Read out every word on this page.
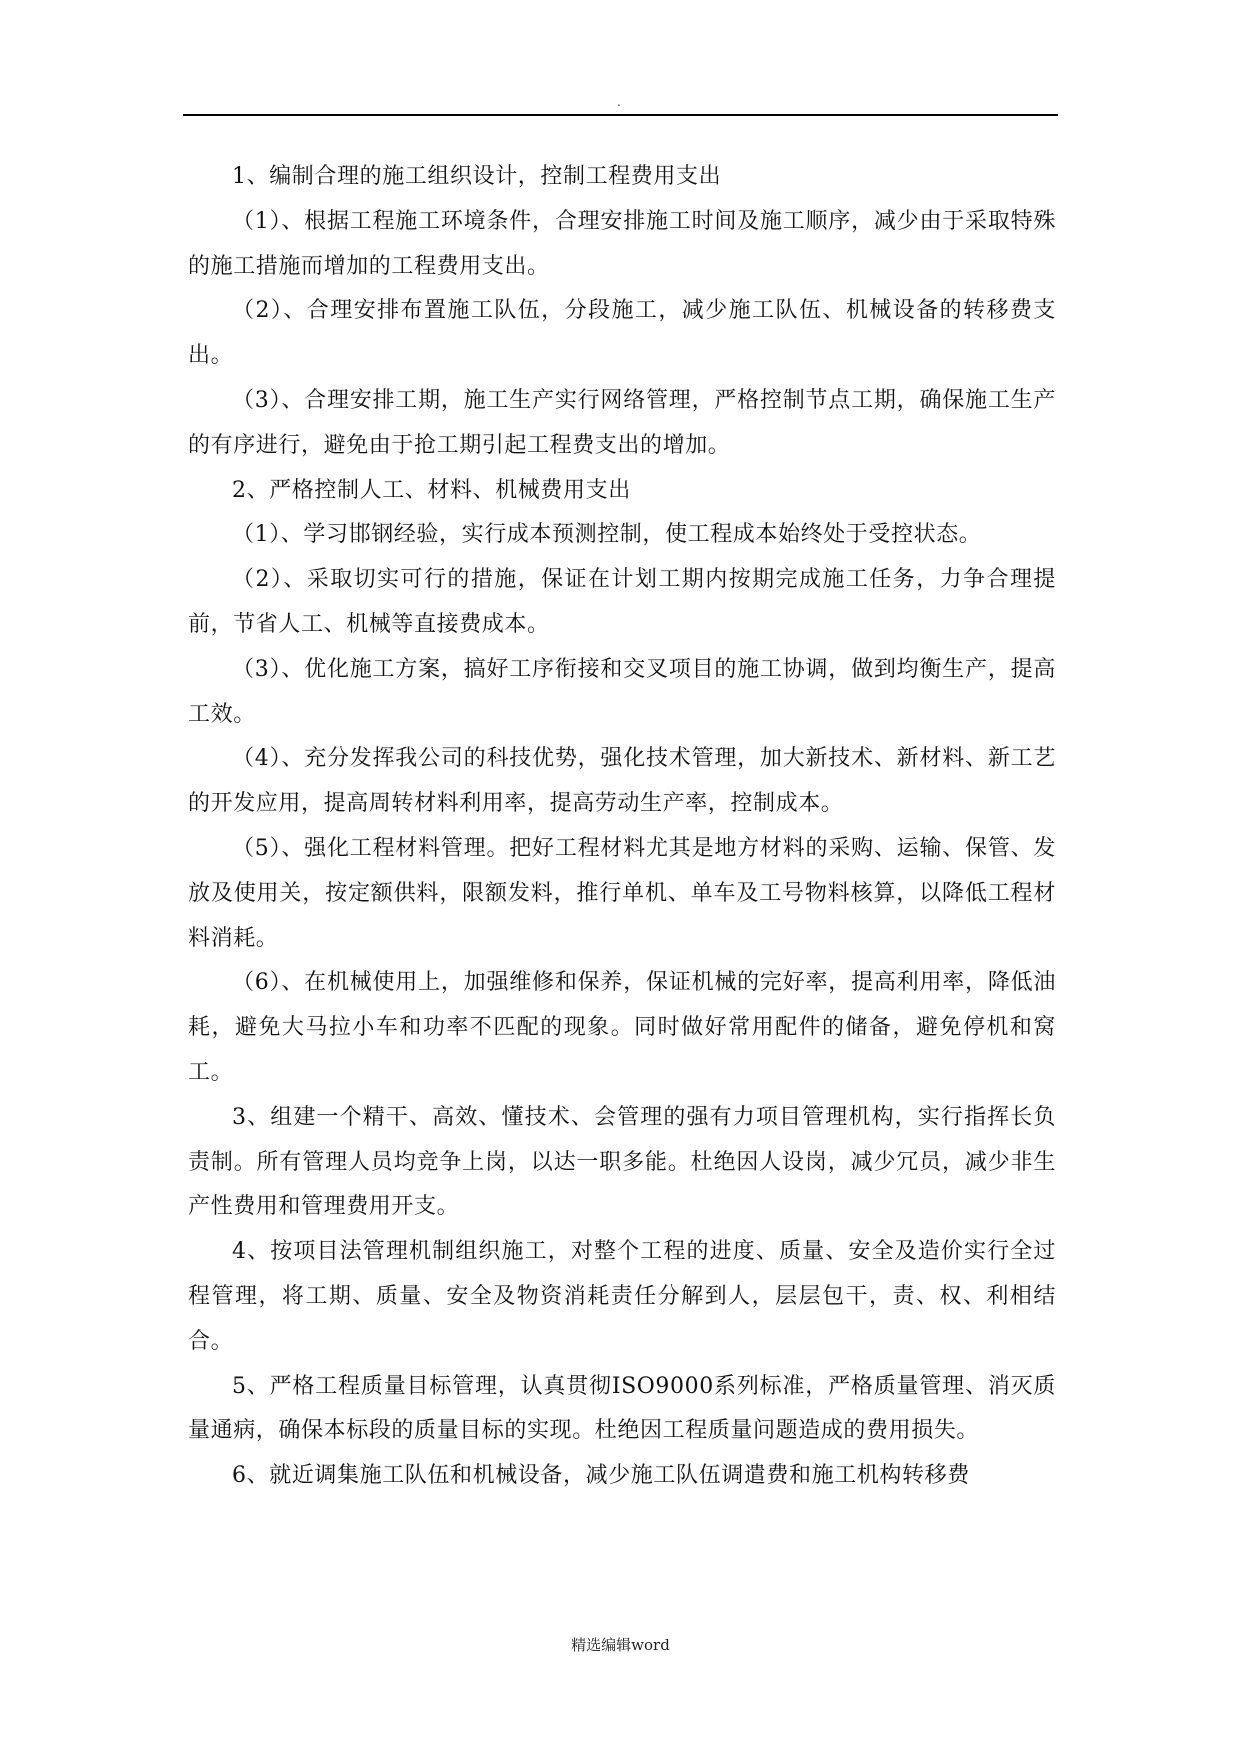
.

1、编制合理的施工组织设计，控制工程费用支出

（1）、根据工程施工环境条件，合理安排施工时间及施工顺序，减少由于采取特殊的施工措施而增加的工程费用支出。

（2）、合理安排布置施工队伍，分段施工，减少施工队伍、机械设备的转移费支出。

（3）、合理安排工期，施工生产实行网络管理，严格控制节点工期，确保施工生产的有序进行，避免由于抢工期引起工程费支出的增加。

2、严格控制人工、材料、机械费用支出

（1）、学习邯钢经验，实行成本预测控制，使工程成本始终处于受控状态。

（2）、采取切实可行的措施，保证在计划工期内按期完成施工任务，力争合理提前，节省人工、机械等直接费成本。

（3）、优化施工方案，搞好工序衔接和交叉项目的施工协调，做到均衡生产，提高工效。

（4）、充分发挥我公司的科技优势，强化技术管理，加大新技术、新材料、新工艺的开发应用，提高周转材料利用率，提高劳动生产率，控制成本。

（5）、强化工程材料管理。把好工程材料尤其是地方材料的采购、运输、保管、发放及使用关，按定额供料，限额发料，推行单机、单车及工号物料核算，以降低工程材料消耗。

（6）、在机械使用上，加强维修和保养，保证机械的完好率，提高利用率，降低油耗，避免大马拉小车和功率不匹配的现象。同时做好常用配件的储备，避免停机和窝工。

3、组建一个精干、高效、懂技术、会管理的强有力项目管理机构，实行指挥长负责制。所有管理人员均竞争上岗，以达一职多能。杜绝因人设岗，减少冗员，减少非生产性费用和管理费用开支。

4、按项目法管理机制组织施工，对整个工程的进度、质量、安全及造价实行全过程管理，将工期、质量、安全及物资消耗责任分解到人，层层包干，责、权、利相结合。

5、严格工程质量目标管理，认真贯彻ISO9000系列标准，严格质量管理、消灭质量通病，确保本标段的质量目标的实现。杜绝因工程质量问题造成的费用损失。

6、就近调集施工队伍和机械设备，减少施工队伍调遣费和施工机构转移费

精选编辑word
